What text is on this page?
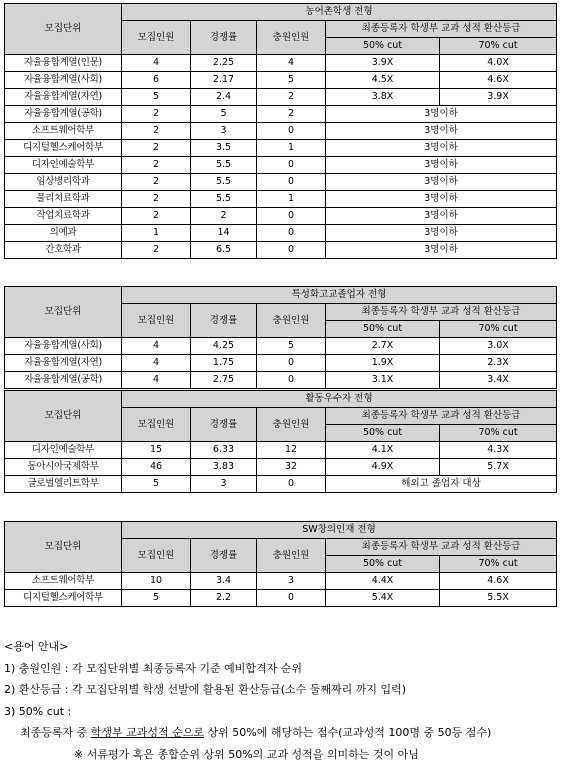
모집단위	농어촌학생 전형				
	모집인원	경쟁률	충원인원	최종등록자 학생부 교과 성적 환산등급	
				50% cut	70% cut
자율융합계열(인문)	4	2.25	4	3.9X	4.0X
자율융합계열(사회)	6	2.17	5	4.5X	4.6X
자율융합계열(자연)	5	2.4	2	3.8X	3.9X
자율융합계열(공학)	2	5	2	3명이하	
소프트웨어학부	2	3	0	3명이하	
디지털헬스케어학부	2	3.5	1	3명이하	
디자인예술학부	2	5.5	0	3명이하	
임상병리학과	2	5.5	0	3명이하	
물리치료학과	2	5.5	1	3명이하	
작업치료학과	2	2	0	3명이하	
의예과	1	14	0	3명이하	
간호학과	2	6.5	0	3명이하	
모집단위	특성화고교졸업자 전형				
	모집인원	경쟁률	충원인원	최종등록자 학생부 교과 성적 환산등급	
				50% cut	70% cut
자율융합계열(사회)	4	4.25	5	2.7X	3.0X
자율융합계열(자연)	4	1.75	0	1.9X	2.3X
자율융합계열(공학)	4	2.75	0	3.1X	3.4X
모집단위	활동우수자 전형				
	모집인원	경쟁률	충원인원	최종등록자 학생부 교과 성적 환산등급	
				50% cut	70% cut
디자인예술학부	15	6.33	12	4.1X	4.3X
동아시아국제학부	46	3.83	32	4.9X	5.7X
글로벌엘리트학부	5	3	0	해외고 졸업자 대상	
모집단위	SW창의인재 전형				
	모집인원	경쟁률	충원인원	최종등록자 학생부 교과 성적 환산등급	
				50% cut	70% cut
소프트웨어학부	10	3.4	3	4.4X	4.6X
디지털헬스케어학부	5	2.2	0	5.4X	5.5X
<용어 안내>
1) 충원인원 : 각 모집단위별 최종등록자 기준 예비합격자 순위
2) 환산등급 : 각 모집단위별 학생 선발에 활용된 환산등급(소수 둘째짜리 까지 입력)
3) 50% cut :
최종등록자 중 학생부 교과성적 순으로 상위 50%에 해당하는 점수(교과성적 100명 중 50등 점수)
※ 서류평가 혹은 종합순위 상위 50%의 교과 성적을 의미하는 것이 아님
